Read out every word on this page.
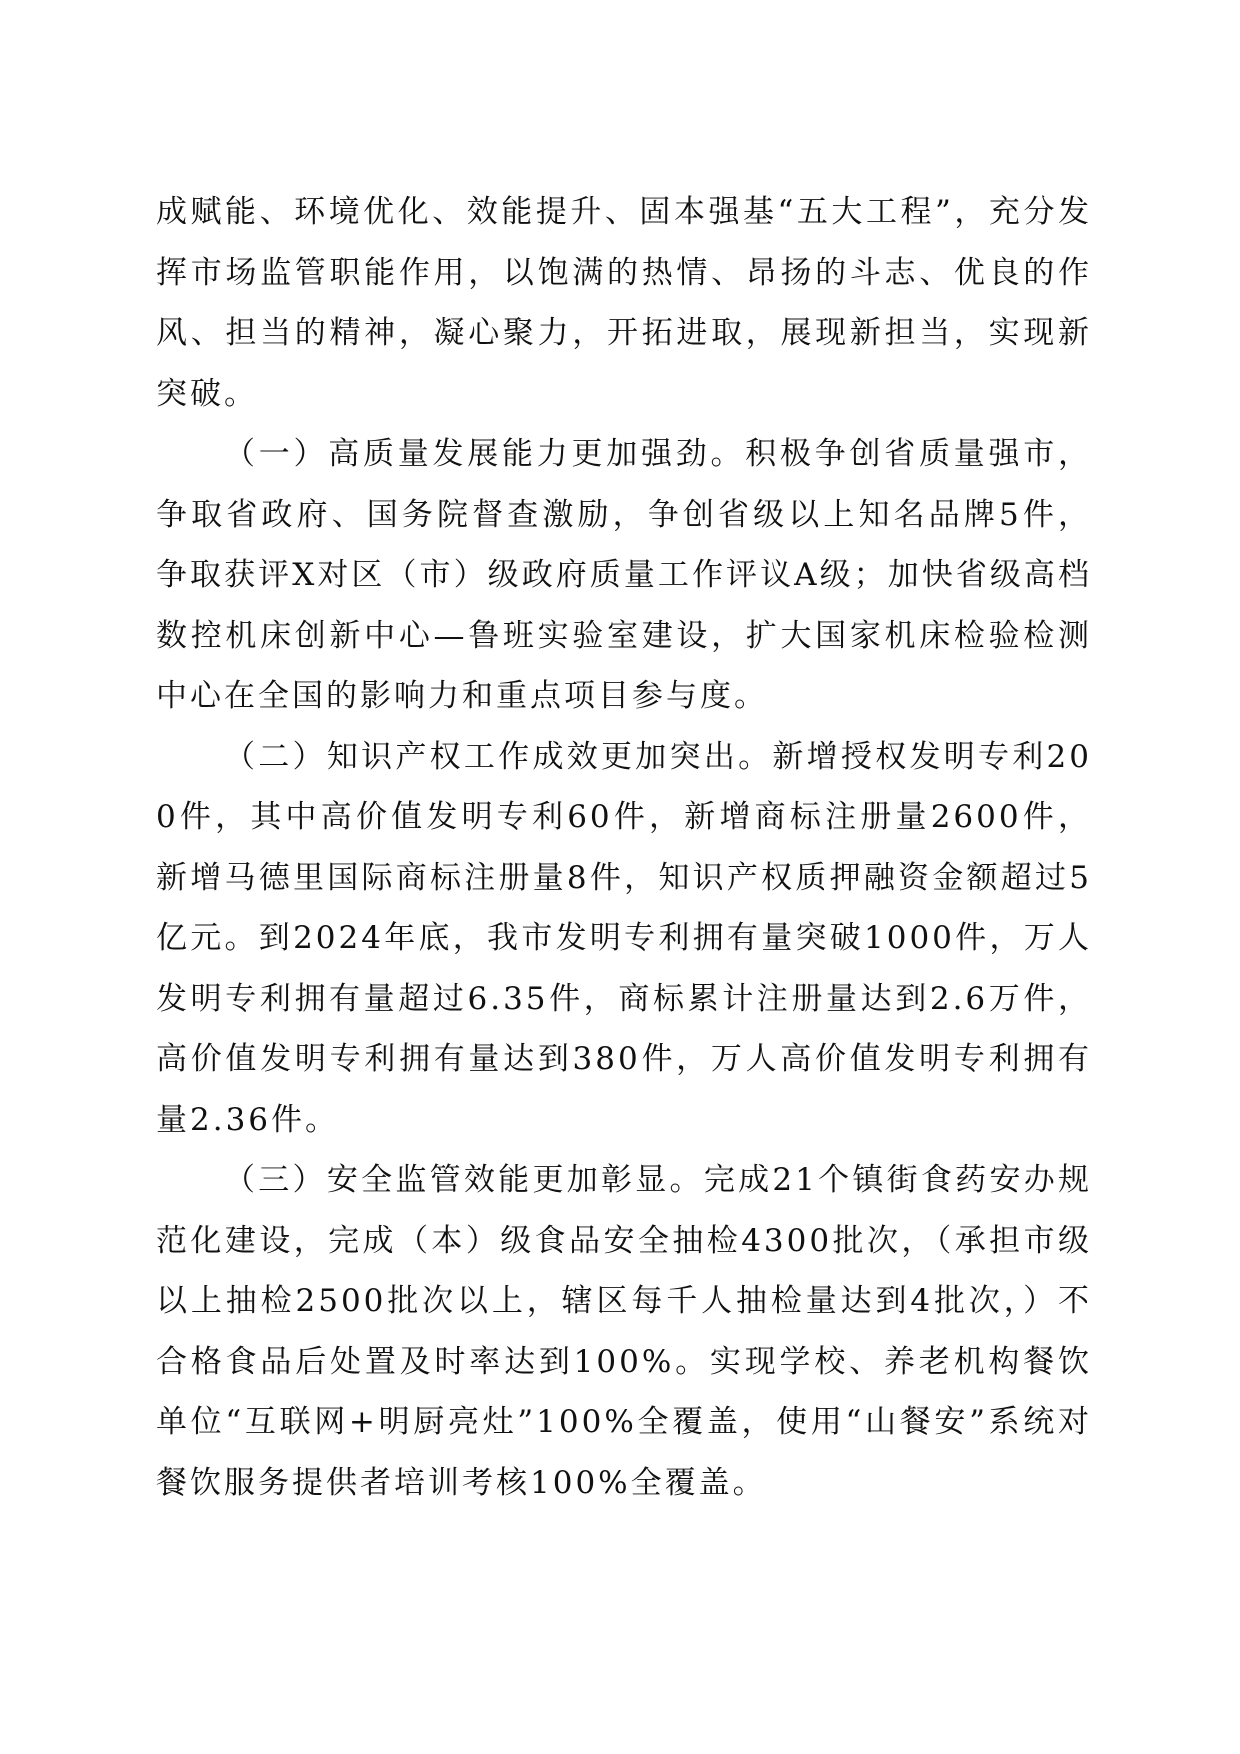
成赋能、环境优化、效能提升、固本强基“五大工程”，充分发挥市场监管职能作用，以饱满的热情、昂扬的斗志、优良的作风、担当的精神，凝心聚力，开拓进取，展现新担当，实现新突破。

（一）高质量发展能力更加强劲。积极争创省质量强市，争取省政府、国务院督查激励，争创省级以上知名品牌5件，争取获评X对区（市）级政府质量工作评议A级；加快省级高档数控机床创新中心—鲁班实验室建设，扩大国家机床检验检测中心在全国的影响力和重点项目参与度。

（二）知识产权工作成效更加突出。新增授权发明专利200件，其中高价值发明专利60件，新增商标注册量2600件，新增马德里国际商标注册量8件，知识产权质押融资金额超过5亿元。到2024年底，我市发明专利拥有量突破1000件，万人发明专利拥有量超过6.35件，商标累计注册量达到2.6万件，高价值发明专利拥有量达到380件，万人高价值发明专利拥有量2.36件。

（三）安全监管效能更加彰显。完成21个镇街食药安办规范化建设，完成（本）级食品安全抽检4300批次，（承担市级以上抽检2500批次以上，辖区每千人抽检量达到4批次，）不合格食品后处置及时率达到100%。实现学校、养老机构餐饮单位“互联网+明厨亮灶”100%全覆盖，使用“山餐安”系统对餐饮服务提供者培训考核100%全覆盖。
